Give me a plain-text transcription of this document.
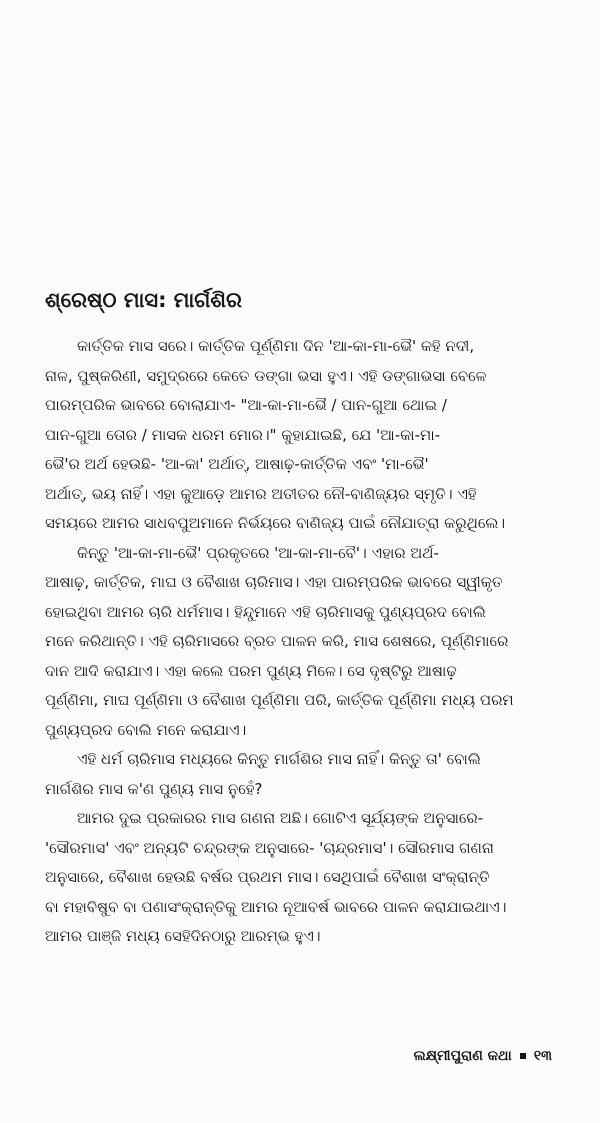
ଶ୍ରେଷ୍ଠ ମାସ: ମାର୍ଗଶିର
କାର୍ତ୍ତିକ ମାସ ସରେ। କାର୍ତ୍ତିକ ପୂର୍ଣ୍ଣିମା ଦିନ 'ଆ-କା-ମା-ଭୈ' କହି ନଦୀ,
ନାଳ, ପୁଷ୍କରିଣୀ, ସମୁଦ୍ରରେ କେତେ ଡଙ୍ଗା ଭସା ହୁଏ। ଏହି ଡଙ୍ଗାଭସା ବେଳେ
ପାରମ୍ପରିକ ଭାବରେ ବୋଲାଯାଏ- "ଆ-କା-ମା-ଭୈ / ପାନ-ଗୁଆ ଥୋଇ /
ପାନ-ଗୁଆ ତୋର / ମାସକ ଧରମ ମୋର।" କୁହାଯାଇଛି, ଯେ 'ଆ-କା-ମା-
ଭୈ'ର ଅର୍ଥ ହେଉଛି- 'ଆ-କା' ଅର୍ଥାତ୍, ଆଷାଢ଼-କାର୍ତ୍ତିକ ଏବଂ 'ମା-ଭୈ'
ଅର୍ଥାତ୍, ଭୟ ନାହିଁ। ଏହା କୁଆଡ଼େ ଆମର ଅତୀତର ନୌ-ବାଣିଜ୍ୟର ସ୍ମୃତି। ଏହି
ସମୟରେ ଆମର ସାଧବପୁଅମାନେ ନିର୍ଭୟରେ ବାଣିଜ୍ୟ ପାଇଁ ନୌଯାତ୍ରା କରୁଥିଲେ।
କିନ୍ତୁ 'ଆ-କା-ମା-ଭୈ' ପ୍ରକୃତରେ 'ଆ-କା-ମା-ବୈ'। ଏହାର ଅର୍ଥ-
ଆଷାଢ଼, କାର୍ତ୍ତିକ, ମାଘ ଓ ବୈଶାଖ ଚାରିମାସ। ଏହା ପାରମ୍ପରିକ ଭାବରେ ସ୍ୱୀକୃତ
ହୋଇଥିବା ଆମର ଚାରି ଧର୍ମମାସ। ହିନ୍ଦୁମାନେ ଏହି ଚାରିମାସକୁ ପୁଣ୍ୟପ୍ରଦ ବୋଲି
ମନେ କରିଥାନ୍ତି। ଏହି ଚାରିମାସରେ ବ୍ରତ ପାଳନ କରି, ମାସ ଶେଷରେ, ପୂର୍ଣ୍ଣିମାରେ
ଦାନ ଆଦି କରାଯାଏ। ଏହା କଲେ ପରମ ପୁଣ୍ୟ ମିଳେ। ସେ ଦୃଷ୍ଟିରୁ ଆଷାଢ଼
ପୂର୍ଣ୍ଣିମା, ମାଘ ପୂର୍ଣ୍ଣିମା ଓ ବୈଶାଖ ପୂର୍ଣ୍ଣିମା ପରି, କାର୍ତ୍ତିକ ପୂର୍ଣ୍ଣିମା ମଧ୍ୟ ପରମ
ପୁଣ୍ୟପ୍ରଦ ବୋଲି ମନେ କରାଯାଏ।
ଏହି ଧର୍ମ ଚାରିମାସ ମଧ୍ୟରେ କିନ୍ତୁ ମାର୍ଗଶିର ମାସ ନାହିଁ। କିନ୍ତୁ ତା' ବୋଲି
ମାର୍ଗଶିର ମାସ କ'ଣ ପୁଣ୍ୟ ମାସ ନୁହେଁ?
ଆମର ଦୁଇ ପ୍ରକାରର ମାସ ଗଣନା ଅଛି। ଗୋଟିଏ ସୂର୍ଯ୍ୟଙ୍କ ଅନୁସାରେ-
'ସୌରମାସ' ଏବଂ ଅନ୍ୟଟି ଚନ୍ଦ୍ରଙ୍କ ଅନୁସାରେ- 'ଚାନ୍ଦ୍ରମାସ'। ସୌରମାସ ଗଣନା
ଅନୁସାରେ, ବୈଶାଖ ହେଉଛି ବର୍ଷର ପ୍ରଥମ ମାସ। ସେଥିପାଇଁ ବୈଶାଖ ସଂକ୍ରାନ୍ତି
ବା ମହାବିଷୁବ ବା ପଣାସଂକ୍ରାନ୍ତିକୁ ଆମର ନୂଆବର୍ଷ ଭାବରେ ପାଳନ କରାଯାଇଥାଏ।
ଆମର ପାଞ୍ଜି ମଧ୍ୟ ସେହିଦିନଠାରୁ ଆରମ୍ଭ ହୁଏ।
ଲକ୍ଷ୍ମୀପୁରାଣ କଥା ୧୩
